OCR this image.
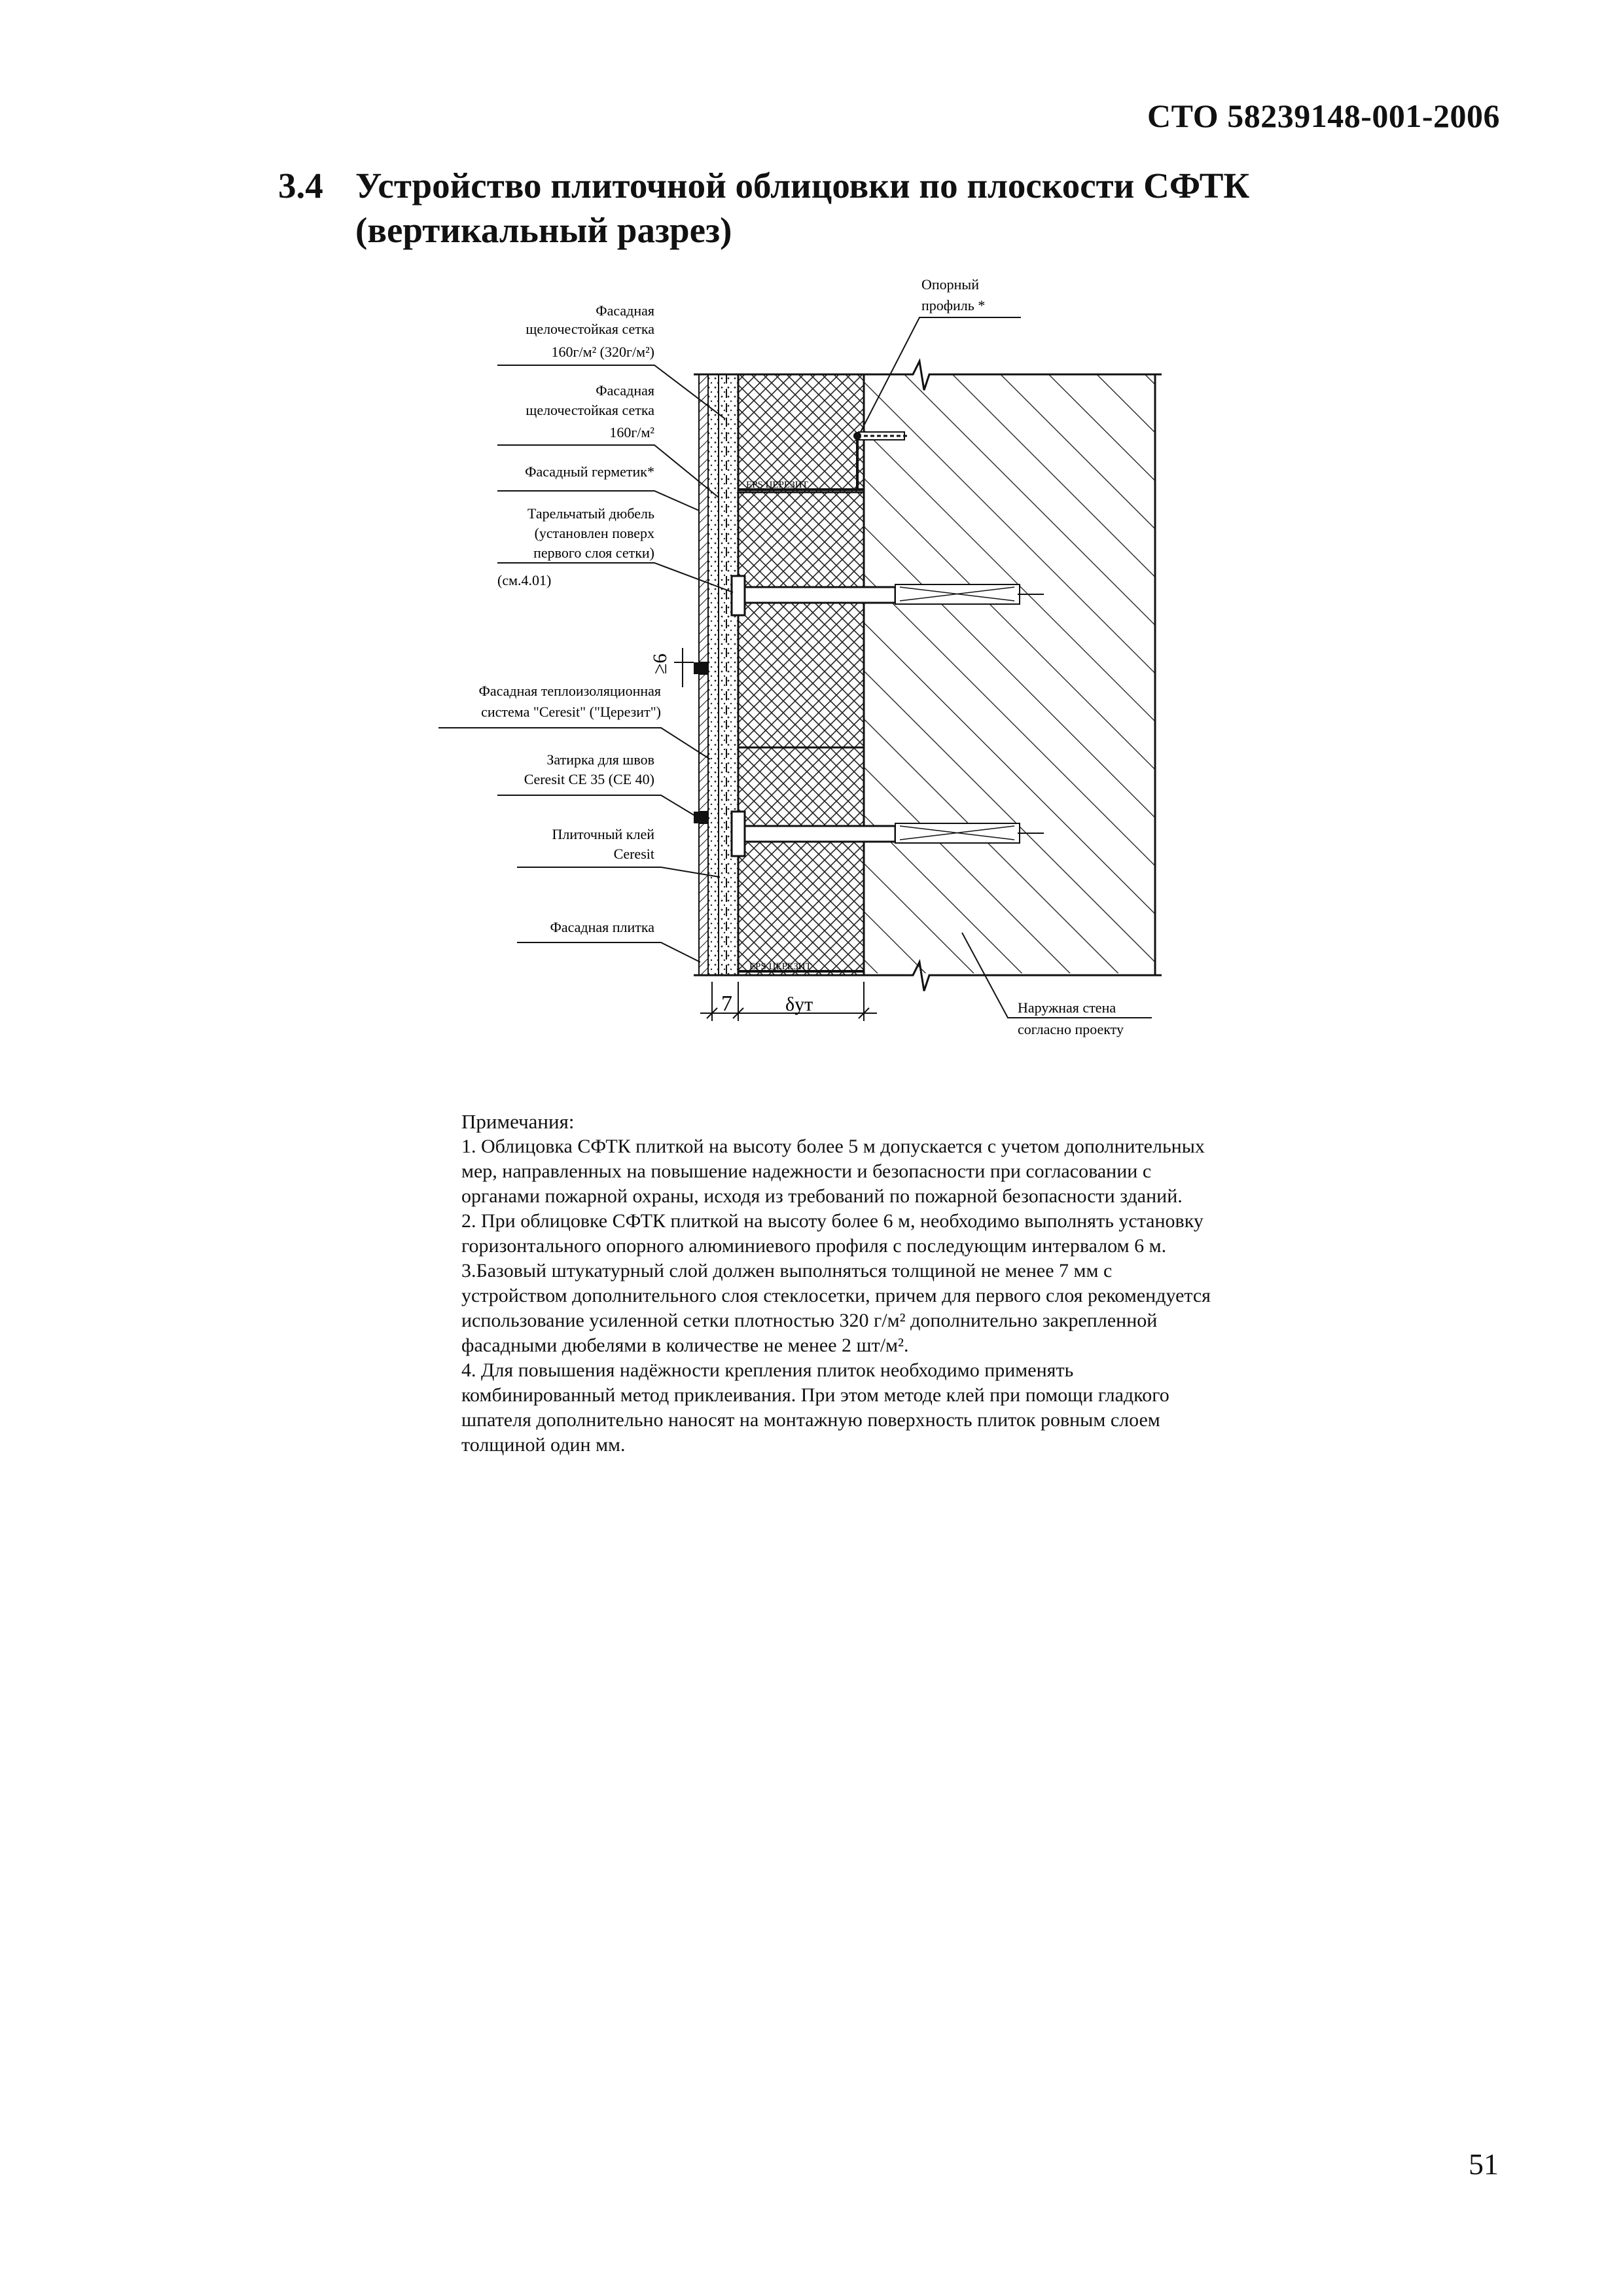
СТО 58239148-001-2006
3.4 Устройство плиточной облицовки по плоскости СФТК
(вертикальный разрез)
ЕPS ЦЕРЕЗИТ
ЕPS ЦЕРЕЗИТ
7	δут
≥6
Фасадная
щелочестойкая сетка
160г/м² (320г/м²)
Фасадная
щелочестойкая сетка
160г/м²
Фасадный герметик*
Тарельчатый дюбель
(установлен поверх
первого слоя сетки)
Фасадная теплоизоляционная
система "Ceresit" ("Церезит")
Затирка для швов
Ceresit CE 35 (CE 40)
Плиточный клей
Ceresit
Фасадная плитка
(см.4.01)
Опорный
профиль *
Наружная стена
согласно проекту

Примечания:

1. Облицовка СФТК плиткой на высоту более 5 м допускается с учетом дополнительных

мер, направленных на повышение надежности и безопасности при согласовании с

органами пожарной охраны, исходя из требований по пожарной безопасности зданий.

2. При облицовке СФТК плиткой на высоту более 6 м, необходимо выполнять установку

горизонтального опорного алюминиевого профиля с последующим интервалом 6 м.

3.Базовый штукатурный слой должен выполняться толщиной не менее 7 мм с

устройством дополнительного слоя стеклосетки, причем для первого слоя рекомендуется

использование усиленной сетки плотностью 320 г/м² дополнительно закрепленной

фасадными дюбелями в количестве не менее 2 шт/м².

4. Для повышения надёжности крепления плиток необходимо применять

комбинированный метод приклеивания. При этом методе клей при помощи гладкого

шпателя дополнительно наносят на монтажную поверхность плиток ровным слоем

толщиной один мм.

51
